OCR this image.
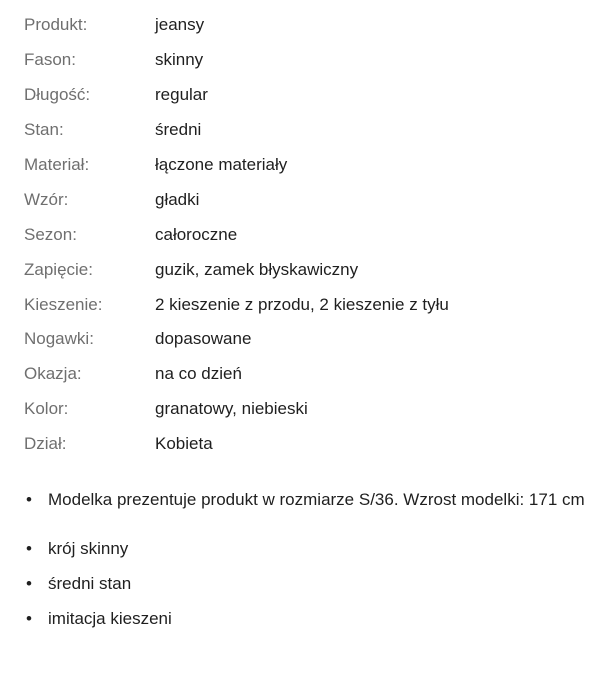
Produkt:	jeansy
Fason:	skinny
Długość:	regular
Stan:	średni
Materiał:	łączone materiały
Wzór:	gładki
Sezon:	całoroczne
Zapięcie:	guzik, zamek błyskawiczny
Kieszenie:	2 kieszenie z przodu, 2 kieszenie z tyłu
Nogawki:	dopasowane
Okazja:	na co dzień
Kolor:	granatowy, niebieski
Dział:	Kobieta
• Modelka prezentuje produkt w rozmiarze S/36. Wzrost modelki: 171 cm
• krój skinny
• średni stan
• imitacja kieszeni
